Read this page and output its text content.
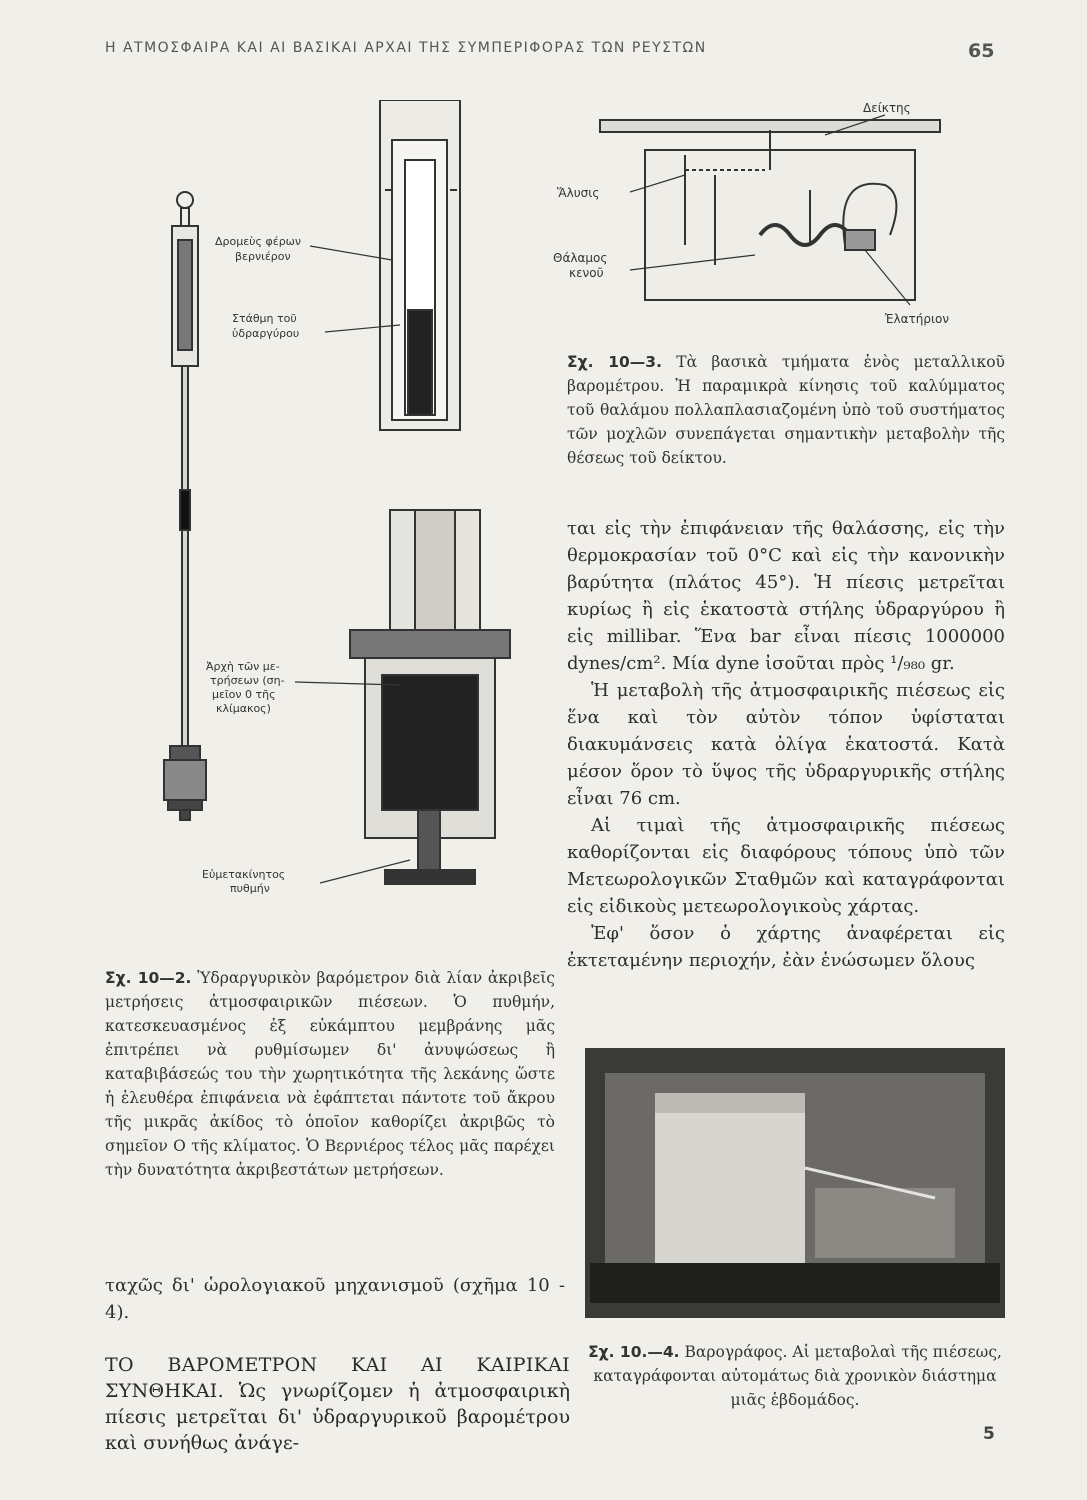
Η ΑΤΜΟΣΦΑΙΡΑ ΚΑΙ ΑΙ ΒΑΣΙΚΑΙ ΑΡΧΑΙ ΤΗΣ ΣΥΜΠΕΡΙΦΟΡΑΣ ΤΩΝ ΡΕΥΣΤΩΝ	65
Δρομεὺς φέρων
βερνιέρον
Στάθμη τοῦ
ὑδραργύρου
Ἀρχὴ τῶν με-
τρήσεων (ση-
μεῖον 0 τῆς
κλίμακος)
Εὐμετακίνητος
πυθμήν
Δείκτης
Ἅλυσις
Θάλαμος
κενοῦ
Ἐλατήριον
Σχ. 10—3. Τὰ βασικὰ τμήματα ἑνὸς μεταλλικοῦ βαρομέτρου. Ἡ παραμικρὰ κίνησις τοῦ καλύμματος τοῦ θαλάμου πολλαπλασιαζομένη ὑπὸ τοῦ συστήματος τῶν μοχλῶν συνεπάγεται σημαντικὴν μεταβολὴν τῆς θέσεως τοῦ δείκτου.

ται εἰς τὴν ἐπιφάνειαν τῆς θαλάσσης, εἰς τὴν θερμοκρασίαν τοῦ 0°C καὶ εἰς τὴν κανονικὴν βαρύτητα (πλάτος 45°). Ἡ πίεσις μετρεῖται κυρίως ἢ εἰς ἑκατοστὰ στήλης ὑδραργύρου ἢ εἰς millibar. Ἕνα bar εἶναι πίεσις 1000000 dynes/cm². Μία dyne ἰσοῦται πρὸς ¹/₉₈₀ gr.

Ἡ μεταβολὴ τῆς ἀτμοσφαιρικῆς πιέσεως εἰς ἕνα καὶ τὸν αὐτὸν τόπον ὑφίσταται διακυμάνσεις κατὰ ὀλίγα ἑκατοστά. Κατὰ μέσον ὅρον τὸ ὕψος τῆς ὑδραργυρικῆς στήλης εἶναι 76 cm.

Αἱ τιμαὶ τῆς ἀτμοσφαιρικῆς πιέσεως καθορίζονται εἰς διαφόρους τόπους ὑπὸ τῶν Μετεωρολογικῶν Σταθμῶν καὶ καταγράφονται εἰς εἰδικοὺς μετεωρολογικοὺς χάρτας.

Ἐφ' ὅσον ὁ χάρτης ἀναφέρεται εἰς ἐκτεταμένην περιοχήν, ἐὰν ἑνώσωμεν ὅλους

Σχ. 10—2. Ὑδραργυρικὸν βαρόμετρον διὰ λίαν ἀκριβεῖς μετρήσεις ἀτμοσφαιρικῶν πιέσεων. Ὁ πυθμήν, κατεσκευασμένος ἐξ εὐκάμπτου μεμβράνης μᾶς ἐπιτρέπει νὰ ρυθμίσωμεν δι' ἀνυψώσεως ἢ καταβιβάσεώς του τὴν χωρητικότητα τῆς λεκάνης ὥστε ἡ ἐλευθέρα ἐπιφάνεια νὰ ἐφάπτεται πάντοτε τοῦ ἄκρου τῆς μικρᾶς ἀκίδος τὸ ὁποῖον καθορίζει ἀκριβῶς τὸ σημεῖον Ο τῆς κλίματος. Ὁ Βερνιέρος τέλος μᾶς παρέχει τὴν δυνατότητα ἀκριβεστάτων μετρήσεων.

ταχῶς δι' ὡρολογιακοῦ μηχανισμοῦ (σχῆμα 10 - 4).

ΤΟ ΒΑΡΟΜΕΤΡΟΝ ΚΑΙ ΑΙ ΚΑΙΡΙΚΑΙ ΣΥΝΘΗΚΑΙ. Ὡς γνωρίζομεν ἡ ἀτμοσφαιρικὴ πίεσις μετρεῖται δι' ὑδραργυρικοῦ βαρομέτρου καὶ συνήθως ἀνάγε-
Σχ. 10.—4. Βαρογράφος. Αἱ μεταβολαὶ τῆς πιέσεως, καταγράφονται αὐτομάτως διὰ χρονικὸν διάστημα μιᾶς ἑβδομάδος.
5
